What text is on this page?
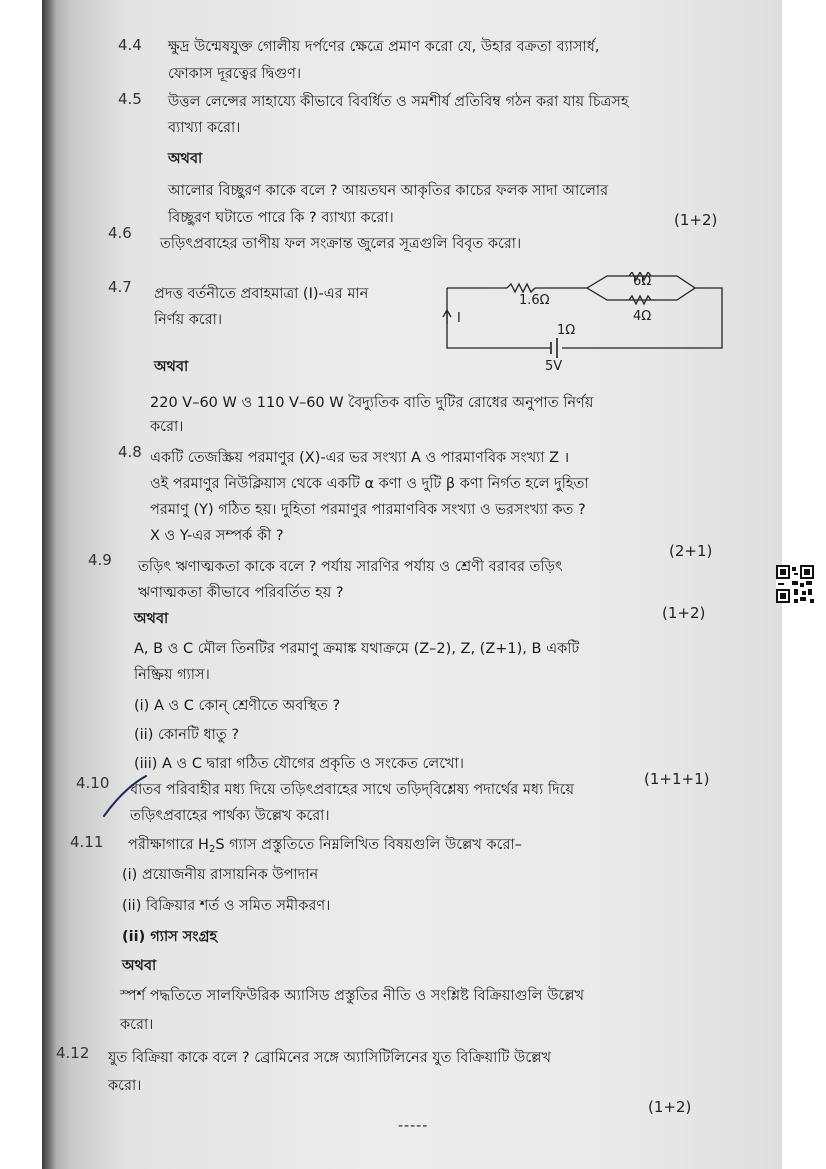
4.4 ক্ষুদ্র উন্মেষযুক্ত গোলীয় দর্পণের ক্ষেত্রে প্রমাণ করো যে, উহার বক্রতা ব্যাসার্ধ,
ফোকাস দূরত্বের দ্বিগুণ।
4.5 উত্তল লেন্সের সাহায্যে কীভাবে বিবর্ধিত ও সমশীর্ষ প্রতিবিম্ব গঠন করা যায় চিত্রসহ
ব্যাখ্যা করো।
অথবা
আলোর বিচ্ছুরণ কাকে বলে ? আয়তঘন আকৃতির কাচের ফলক সাদা আলোর
বিচ্ছুরণ ঘটাতে পারে কি ? ব্যাখ্যা করো।	(1+2)
4.6
তড়িৎপ্রবাহের তাপীয় ফল সংক্রান্ত জুলের সূত্রগুলি বিবৃত করো।
4.7 প্রদত্ত বর্তনীতে প্রবাহমাত্রা (I)-এর মান
নির্ণয় করো।
অথবা
220 V–60 W ও 110 V–60 W বৈদ্যুতিক বাতি দুটির রোধের অনুপাত নির্ণয়
করো।
4.8 একটি তেজস্ক্রিয় পরমাণুর (X)-এর ভর সংখ্যা A ও পারমাণবিক সংখ্যা Z ।
ওই পরমাণুর নিউক্লিয়াস থেকে একটি α কণা ও দুটি β কণা নির্গত হলে দুহিতা
পরমাণু (Y) গঠিত হয়। দুহিতা পরমাণুর পারমাণবিক সংখ্যা ও ভরসংখ্যা কত ?
X ও Y-এর সম্পর্ক কী ?
(2+1)
4.9 তড়িৎ ঋণাত্মকতা কাকে বলে ? পর্যায় সারণির পর্যায় ও শ্রেণী বরাবর তড়িৎ
ঋণাত্মকতা কীভাবে পরিবর্তিত হয় ?
অথবা	(1+2)
A, B ও C মৌল তিনটির পরমাণু ক্রমাঙ্ক যথাক্রমে (Z–2), Z, (Z+1), B একটি
নিষ্ক্রিয় গ্যাস।
(i) A ও C কোন্ শ্রেণীতে অবস্থিত ?
(ii) কোনটি ধাতু ?
(iii) A ও C দ্বারা গঠিত যৌগের প্রকৃতি ও সংকেত লেখো।
(1+1+1)
4.10 ধাতব পরিবাহীর মধ্য দিয়ে তড়িৎপ্রবাহের সাথে তড়িদ্‌বিশ্লেষ্য পদার্থের মধ্য দিয়ে
তড়িৎপ্রবাহের পার্থক্য উল্লেখ করো।
4.11 পরীক্ষাগারে $H_2S$ গ্যাস প্রস্তুতিতে নিম্নলিখিত বিষয়গুলি উল্লেখ করো–
(i) প্রয়োজনীয় রাসায়নিক উপাদান
(ii) বিক্রিয়ার শর্ত ও সমিত সমীকরণ।
(ii) গ্যাস সংগ্রহ
অথবা
স্পর্শ পদ্ধতিতে সালফিউরিক অ্যাসিড প্রস্তুতির নীতি ও সংশ্লিষ্ট বিক্রিয়াগুলি উল্লেখ
করো।
4.12 যুত বিক্রিয়া কাকে বলে ? ব্রোমিনের সঙ্গে অ্যাসিটিলিনের যুত বিক্রিয়াটি উল্লেখ
করো।
(1+2)
-----
1.6Ω
6Ω
4Ω
1Ω
5V
I
